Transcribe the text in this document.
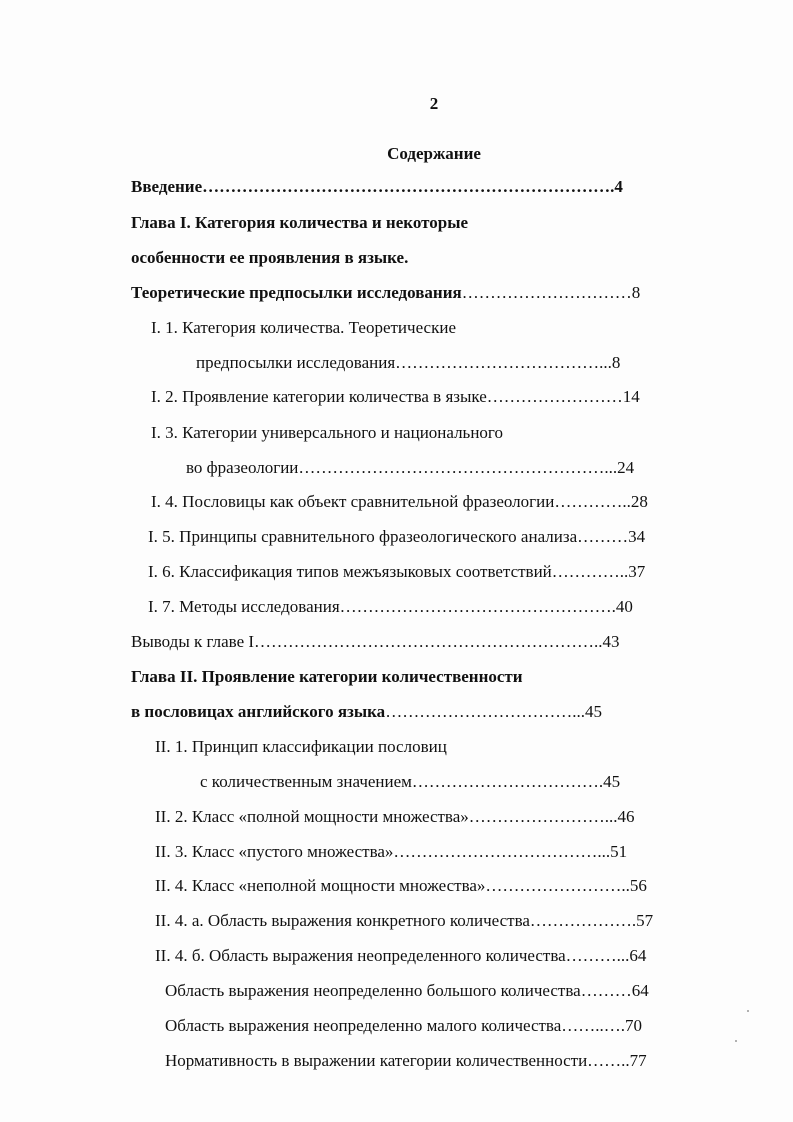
2
Содержание
Введение……………………………………………………………….4
Глава I. Категория количества и некоторые
особенности ее проявления в языке.
Теоретические предпосылки исследования…………………………8
I. 1. Категория количества. Теоретические
предпосылки исследования………………………………...8
I. 2. Проявление категории количества в языке……………………14
I. 3. Категории универсального и национального
во фразеологии………………………………………………...24
I. 4. Пословицы как объект сравнительной фразеологии…………..28
I. 5. Принципы сравнительного фразеологического анализа………34
I. 6. Классификация типов межъязыковых соответствий…………..37
I. 7. Методы исследования………………………………………….40
Выводы к главе I……………………………………………………..43
Глава II. Проявление категории количественности
в пословицах английского языка……………………………...45
II. 1. Принцип классификации пословиц
с количественным значением…………………………….45
II. 2. Класс «полной мощности множества»……………………...46
II. 3. Класс «пустого множества»………………………………...51
II. 4. Класс «неполной мощности множества»……………………..56
II. 4. а. Область выражения конкретного количества……………….57
II. 4. б. Область выражения неопределенного количества………...64
Область выражения неопределенно большого количества………64
Область выражения неопределенно малого количества……..….70
Нормативность в выражении категории количественности……..77
